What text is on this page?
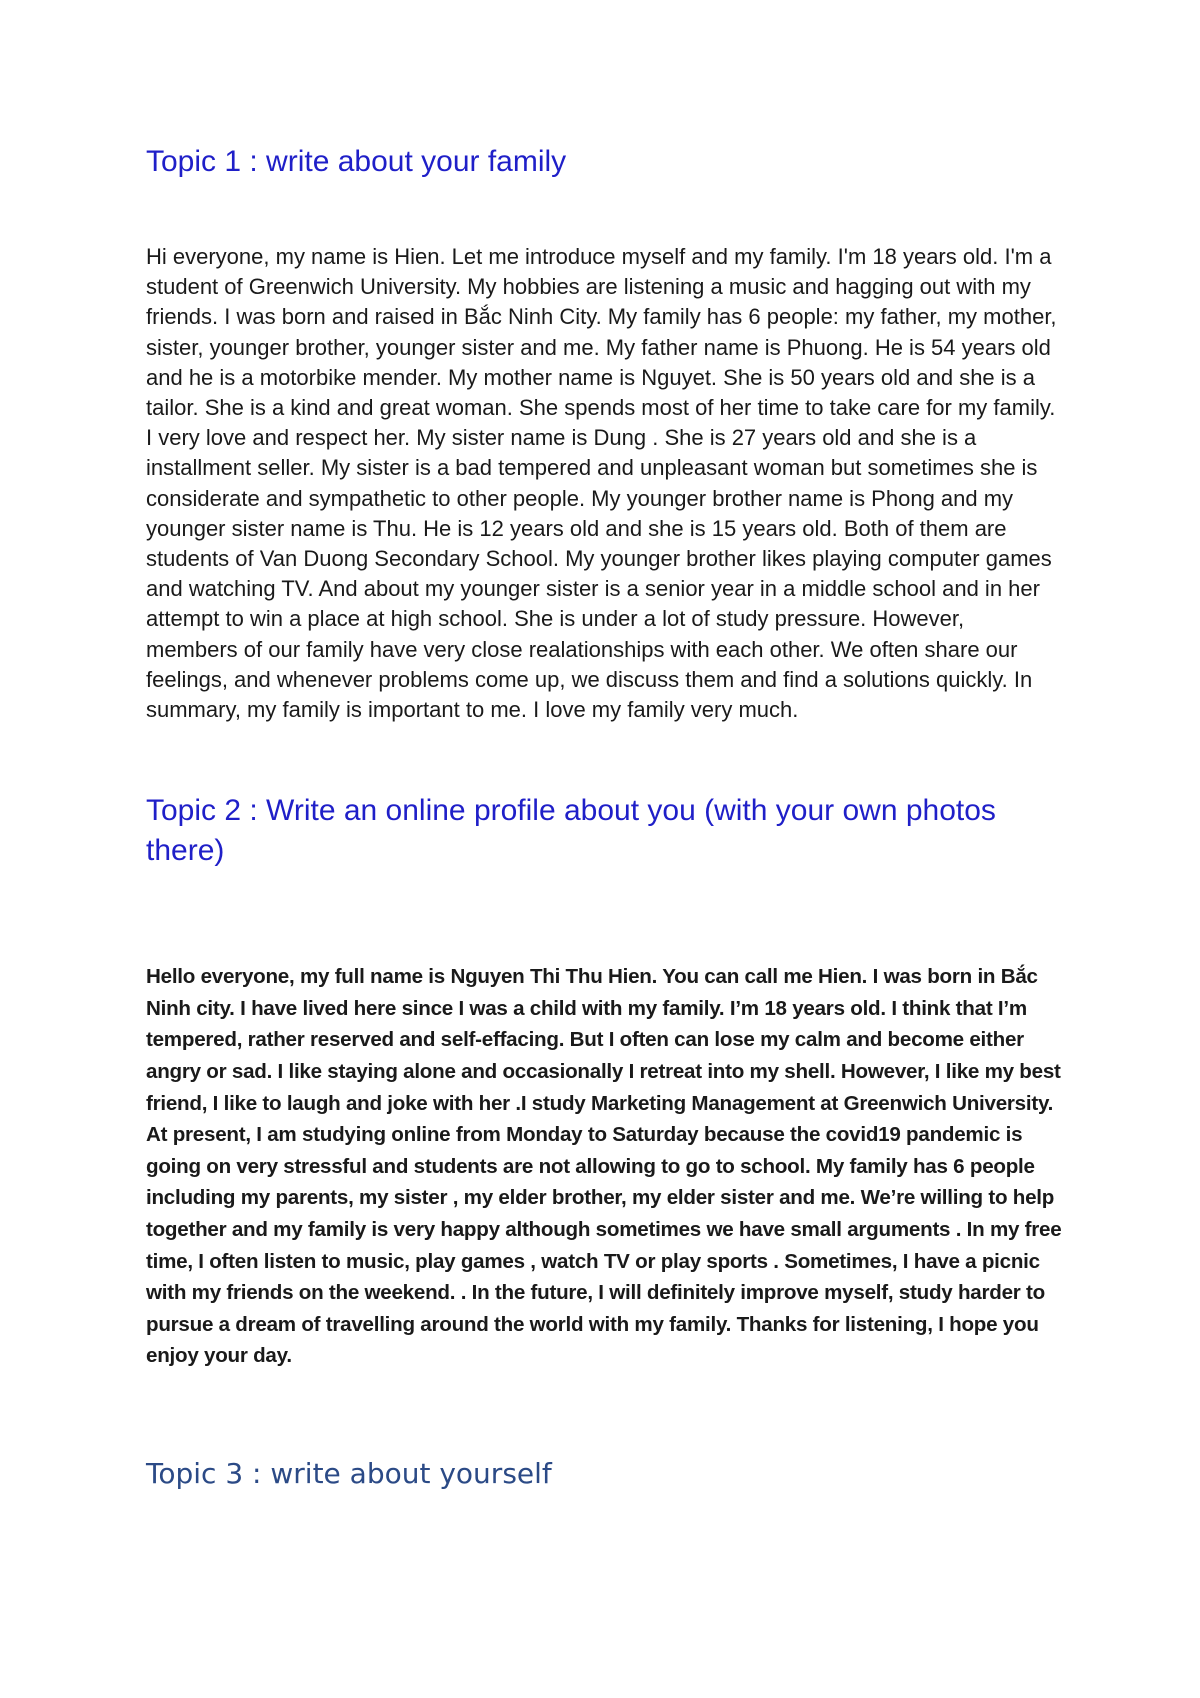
Topic 1 : write about your family

Hi everyone, my name is Hien. Let me introduce myself and my family. I'm 18 years old. I'm a student of Greenwich University. My hobbies are listening a music and hagging out with my friends. I was born and raised in Bắc Ninh City. My family has 6 people: my father, my mother, sister, younger brother, younger sister and me. My father name is Phuong. He is 54 years old and he is a motorbike mender. My mother name is Nguyet. She is 50 years old and she is a tailor. She is a kind and great woman. She spends most of her time to take care for my family. I very love and respect her. My sister name is Dung . She is 27 years old and she is a installment seller. My sister is a bad tempered and unpleasant woman but sometimes she is considerate and sympathetic to other people. My younger brother name is Phong and my younger sister name is Thu. He is 12 years old and she is 15 years old. Both of them are students of Van Duong Secondary School. My younger brother likes playing computer games and watching TV. And about my younger sister is a senior year in a middle school and in her attempt to win a place at high school. She is under a lot of study pressure. However, members of our family have very close realationships with each other. We often share our feelings, and whenever problems come up, we discuss them and find a solutions quickly. In summary, my family is important to me. I love my family very much.

Topic 2 : Write an online profile about you (with your own photos there)

Hello everyone, my full name is Nguyen Thi Thu Hien. You can call me Hien. I was born in Bắc Ninh city. I have lived here since I was a child with my family. I’m 18 years old. I think that I’m tempered, rather reserved and self-effacing. But I often can lose my calm and become either angry or sad. I like staying alone and occasionally I retreat into my shell. However, I like my best friend, I like to laugh and joke with her .I study Marketing Management at Greenwich University. At present, I am studying online from Monday to Saturday because the covid19 pandemic is going on very stressful and students are not allowing to go to school. My family has 6 people including my parents, my sister , my elder brother, my elder sister and me. We’re willing to help together and my family is very happy although sometimes we have small arguments . In my free time, I often listen to music, play games , watch TV or play sports . Sometimes, I have a picnic with my friends on the weekend. . In the future, I will definitely improve myself, study harder to pursue a dream of travelling around the world with my family. Thanks for listening, I hope you enjoy your day.

Topic 3 : write about yourself
